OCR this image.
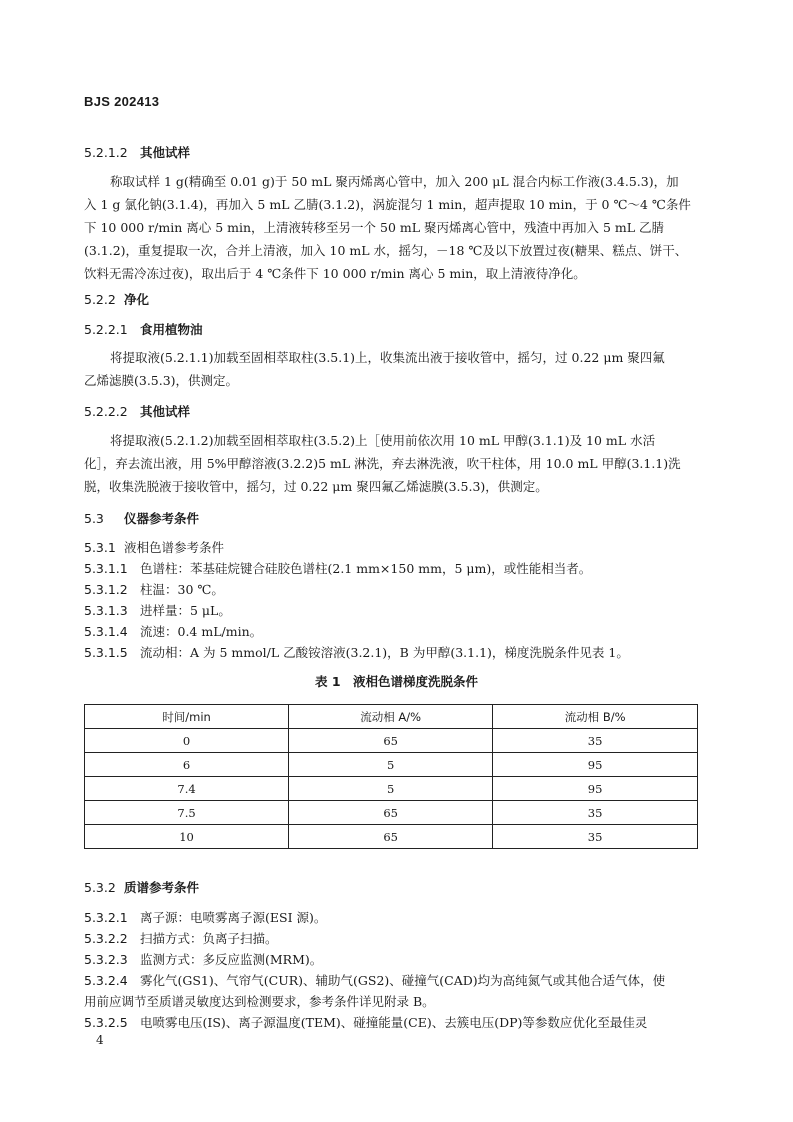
BJS 202413
5.2.1.2 其他试样
称取试样 1 g(精确至 0.01 g)于 50 mL 聚丙烯离心管中，加入 200 μL 混合内标工作液(3.4.5.3)，加
入 1 g 氯化钠(3.1.4)，再加入 5 mL 乙腈(3.1.2)，涡旋混匀 1 min，超声提取 10 min，于 0 ℃～4 ℃条件
下 10 000 r/min 离心 5 min，上清液转移至另一个 50 mL 聚丙烯离心管中，残渣中再加入 5 mL 乙腈
(3.1.2)，重复提取一次，合并上清液，加入 10 mL 水，摇匀，－18 ℃及以下放置过夜(糖果、糕点、饼干、
饮料无需冷冻过夜)，取出后于 4 ℃条件下 10 000 r/min 离心 5 min，取上清液待净化。
5.2.2 净化
5.2.2.1 食用植物油
将提取液(5.2.1.1)加载至固相萃取柱(3.5.1)上，收集流出液于接收管中，摇匀，过 0.22 μm 聚四氟
乙烯滤膜(3.5.3)，供测定。
5.2.2.2 其他试样
将提取液(5.2.1.2)加载至固相萃取柱(3.5.2)上［使用前依次用 10 mL 甲醇(3.1.1)及 10 mL 水活
化］，弃去流出液，用 5%甲醇溶液(3.2.2)5 mL 淋洗，弃去淋洗液，吹干柱体，用 10.0 mL 甲醇(3.1.1)洗
脱，收集洗脱液于接收管中，摇匀，过 0.22 μm 聚四氟乙烯滤膜(3.5.3)，供测定。
5.3 仪器参考条件
5.3.1 液相色谱参考条件
5.3.1.1 色谱柱：苯基硅烷键合硅胶色谱柱(2.1 mm×150 mm，5 μm)，或性能相当者。
5.3.1.2 柱温：30 ℃。
5.3.1.3 进样量：5 μL。
5.3.1.4 流速：0.4 mL/min。
5.3.1.5 流动相：A 为 5 mmol/L 乙酸铵溶液(3.2.1)，B 为甲醇(3.1.1)，梯度洗脱条件见表 1。
表 1　液相色谱梯度洗脱条件
时间/min	流动相 A/%	流动相 B/%
0	65	35
6	5	95
7.4	5	95
7.5	65	35
10	65	35
5.3.2 质谱参考条件
5.3.2.1 离子源：电喷雾离子源(ESI 源)。
5.3.2.2 扫描方式：负离子扫描。
5.3.2.3 监测方式：多反应监测(MRM)。
5.3.2.4 雾化气(GS1)、气帘气(CUR)、辅助气(GS2)、碰撞气(CAD)均为高纯氮气或其他合适气体，使
用前应调节至质谱灵敏度达到检测要求，参考条件详见附录 B。
5.3.2.5 电喷雾电压(IS)、离子源温度(TEM)、碰撞能量(CE)、去簇电压(DP)等参数应优化至最佳灵
4
